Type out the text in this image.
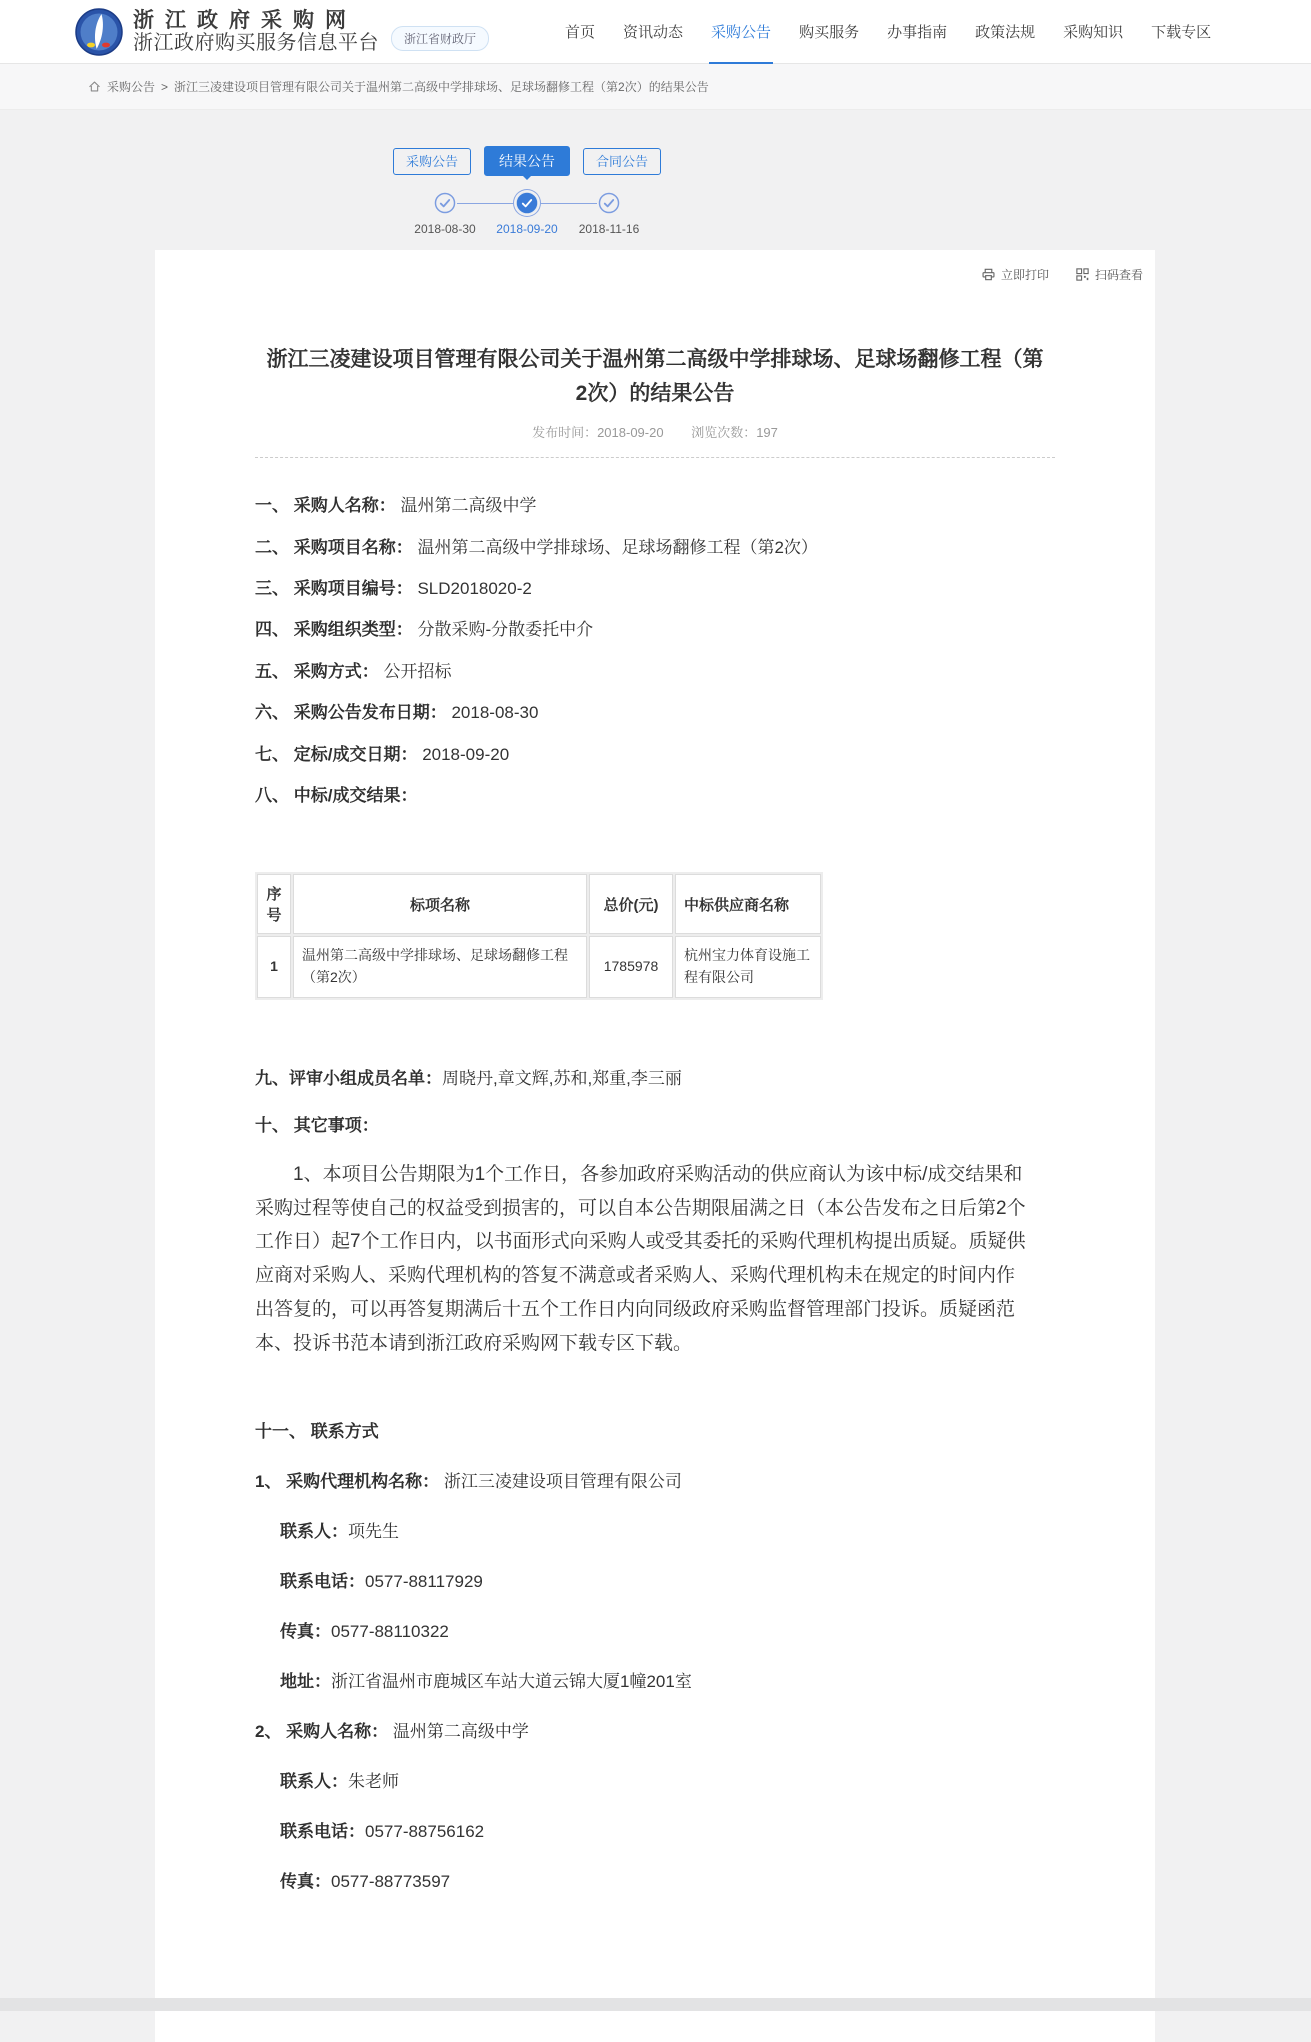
浙江政府采购网
浙江政府购买服务信息平台	浙江省财政厅	首页	资讯动态	采购公告	购买服务	办事指南	政策法规	采购知识	下载专区
采购公告 > 浙江三凌建设项目管理有限公司关于温州第二高级中学排球场、足球场翻修工程（第2次）的结果公告
采购公告	结果公告	合同公告
2018-08-30	2018-09-20	2018-11-16
立即打印	扫码查看
浙江三凌建设项目管理有限公司关于温州第二高级中学排球场、足球场翻修工程（第2次）的结果公告
发布时间：2018-09-20 浏览次数：197
一、 采购人名称： 温州第二高级中学
二、 采购项目名称： 温州第二高级中学排球场、足球场翻修工程（第2次）
三、 采购项目编号： SLD2018020-2
四、 采购组织类型： 分散采购-分散委托中介
五、 采购方式： 公开招标
六、 采购公告发布日期： 2018-08-30
七、 定标/成交日期： 2018-09-20
八、 中标/成交结果：
序号	标项名称	总价(元)	中标供应商名称
1	温州第二高级中学排球场、足球场翻修工程（第2次）	1785978	杭州宝力体育设施工程有限公司
九、评审小组成员名单：周晓丹,章文辉,苏和,郑重,李三丽
十、 其它事项：

1、本项目公告期限为1个工作日，各参加政府采购活动的供应商认为该中标/成交结果和采购过程等使自己的权益受到损害的，可以自本公告期限届满之日（本公告发布之日后第2个工作日）起7个工作日内，以书面形式向采购人或受其委托的采购代理机构提出质疑。质疑供应商对采购人、采购代理机构的答复不满意或者采购人、采购代理机构未在规定的时间内作出答复的，可以再答复期满后十五个工作日内向同级政府采购监督管理部门投诉。质疑函范本、投诉书范本请到浙江政府采购网下载专区下载。

十一、 联系方式
1、 采购代理机构名称： 浙江三凌建设项目管理有限公司
联系人：项先生
联系电话：0577-88117929
传真：0577-88110322
地址：浙江省温州市鹿城区车站大道云锦大厦1幢201室
2、 采购人名称： 温州第二高级中学
联系人：朱老师
联系电话：0577-88756162
传真：0577-88773597
